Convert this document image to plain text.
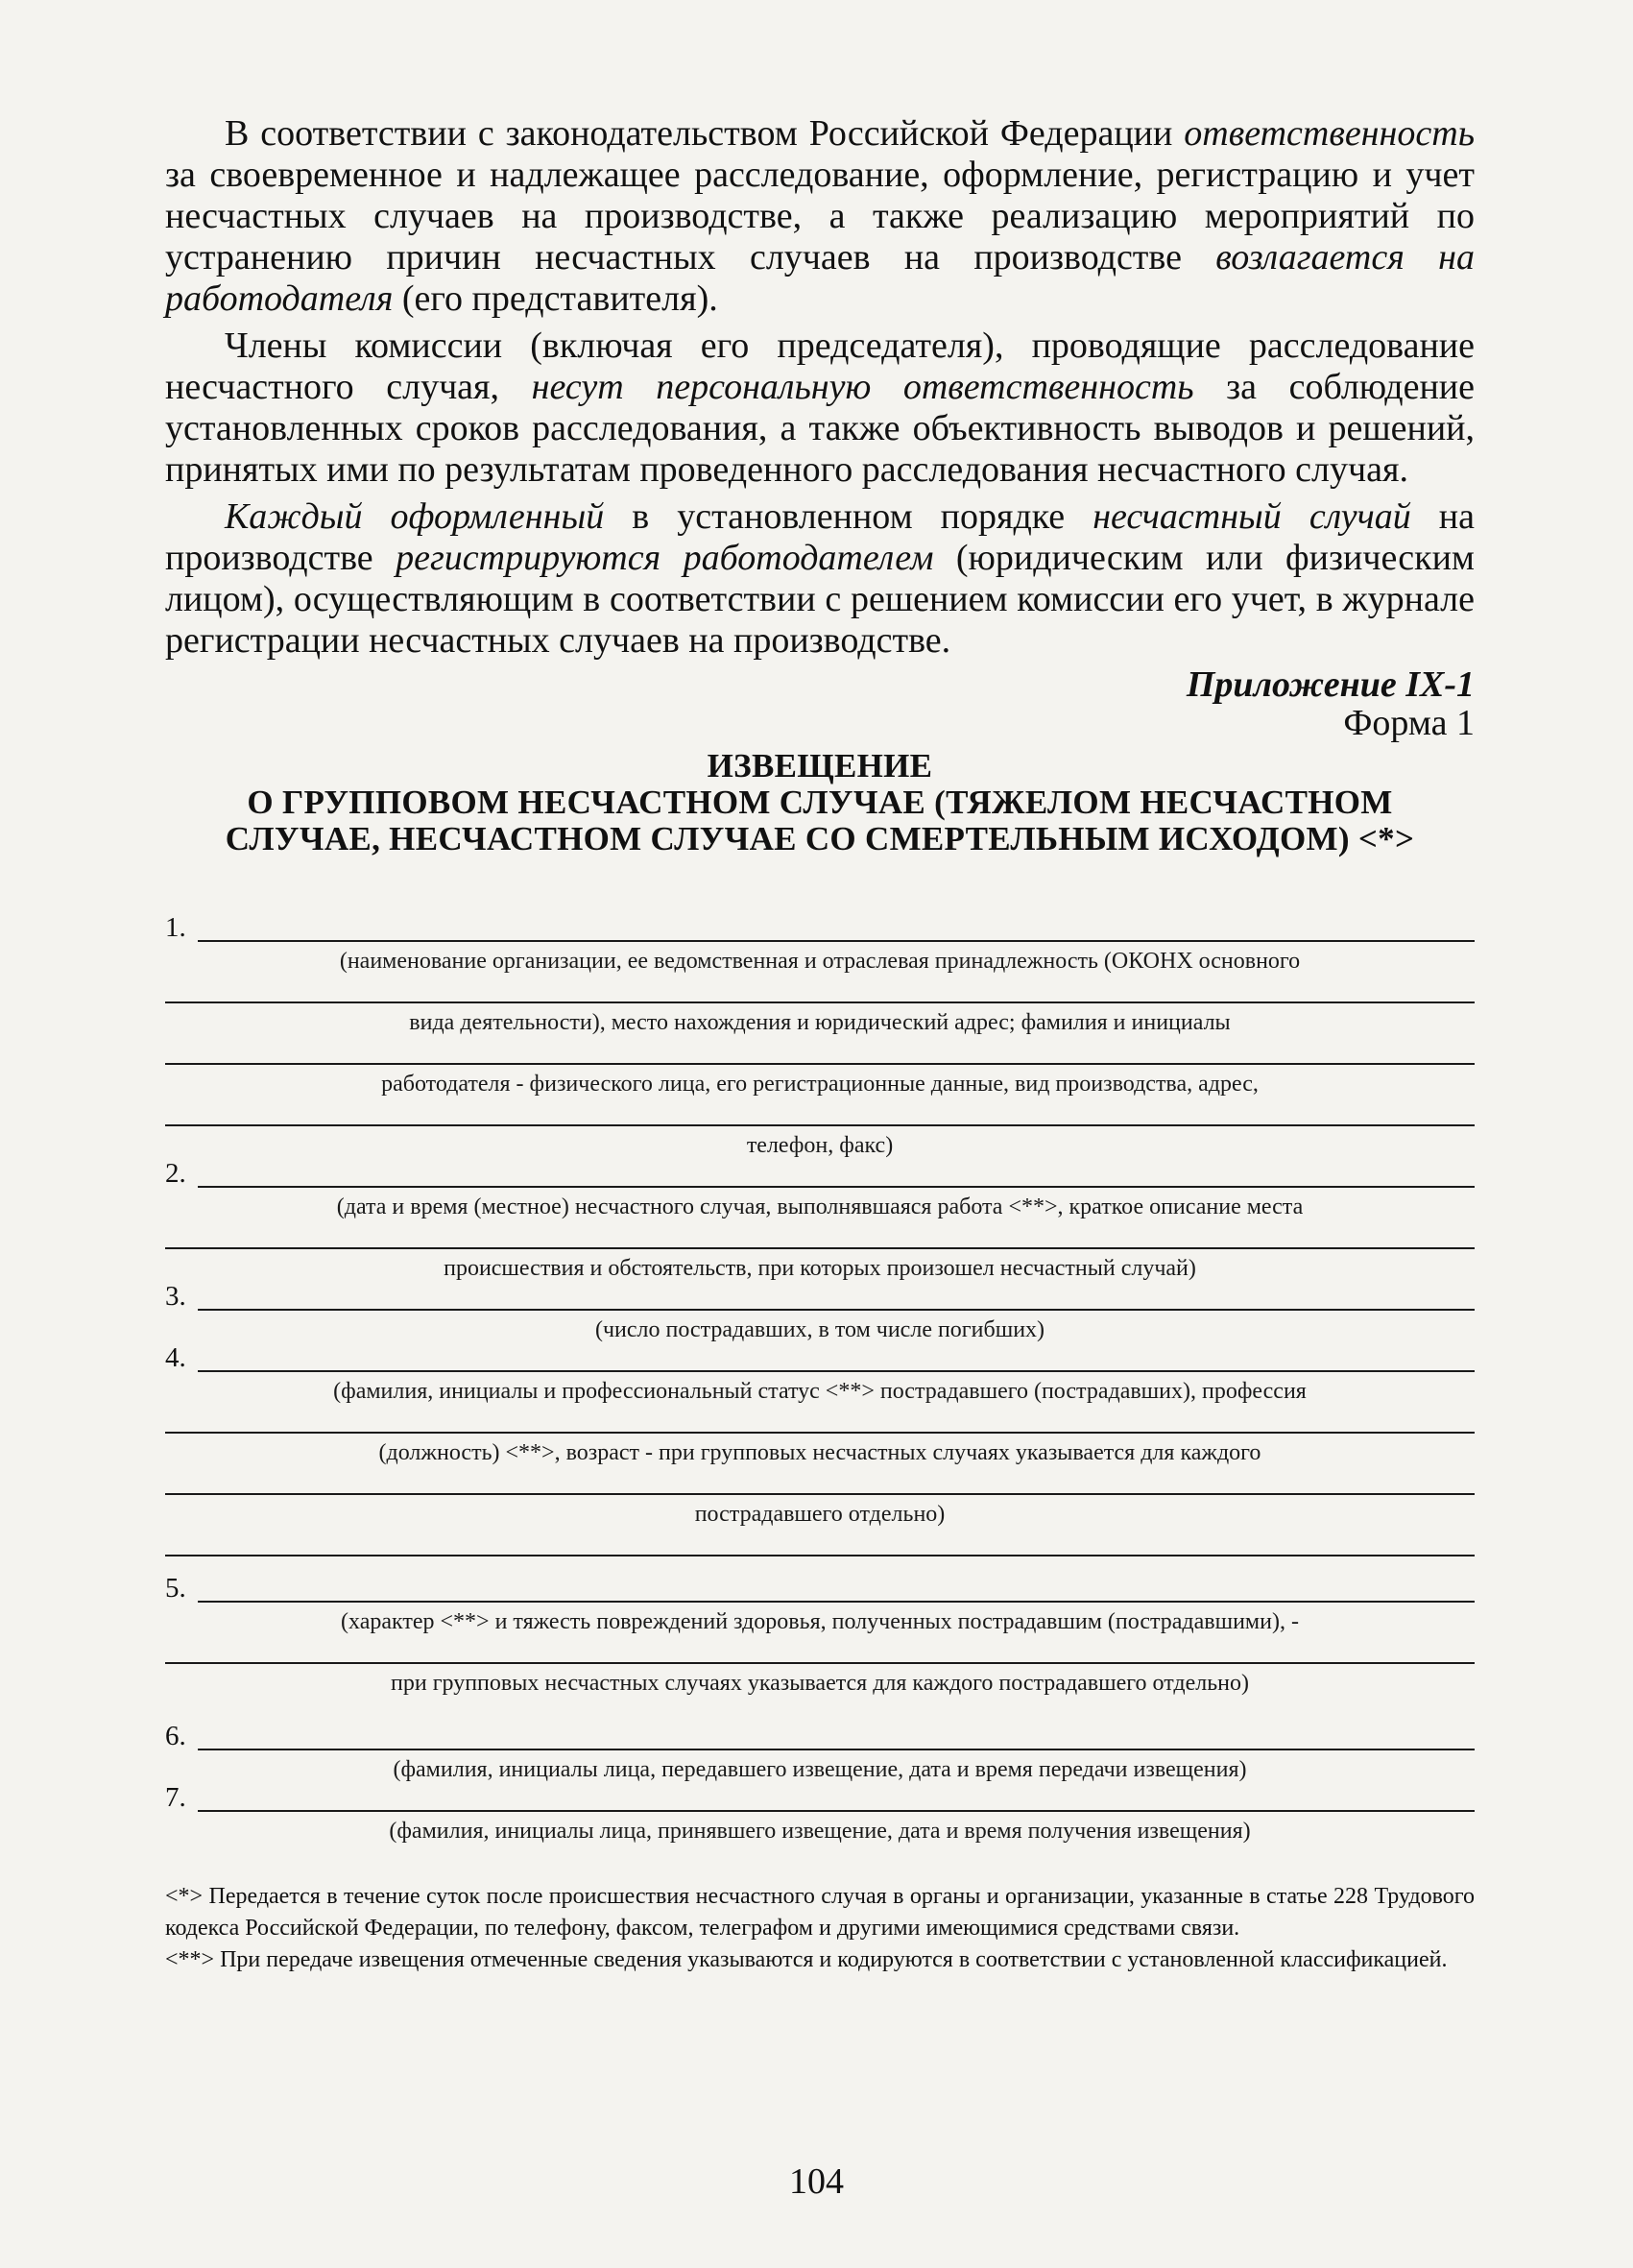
В соответствии с законодательством Российской Федерации ответственность за своевременное и надлежащее расследование, оформление, регистрацию и учет несчастных случаев на производстве, а также реализацию мероприятий по устранению причин несчастных случаев на производстве возлагается на работодателя (его представителя).

Члены комиссии (включая его председателя), проводящие расследование несчастного случая, несут персональную ответственность за соблюдение установленных сроков расследования, а также объективность выводов и решений, принятых ими по результатам проведенного расследования несчастного случая.

Каждый оформленный в установленном порядке несчастный случай на производстве регистрируются работодателем (юридическим или физическим лицом), осуществляющим в соответствии с решением комиссии его учет, в журнале регистрации несчастных случаев на производстве.

Приложение IX-1
Форма 1
ИЗВЕЩЕНИЕ
О ГРУППОВОМ НЕСЧАСТНОМ СЛУЧАЕ (ТЯЖЕЛОМ НЕСЧАСТНОМ
СЛУЧАЕ, НЕСЧАСТНОМ СЛУЧАЕ СО СМЕРТЕЛЬНЫМ ИСХОДОМ) <*>
1.
(наименование организации, ее ведомственная и отраслевая принадлежность (ОКОНХ основного
вида деятельности), место нахождения и юридический адрес; фамилия и инициалы
работодателя - физического лица, его регистрационные данные, вид производства, адрес,
телефон, факс)
2.
(дата и время (местное) несчастного случая, выполнявшаяся работа <**>, краткое описание места
происшествия и обстоятельств, при которых произошел несчастный случай)
3.
(число пострадавших, в том числе погибших)
4.
(фамилия, инициалы и профессиональный статус <**> пострадавшего (пострадавших), профессия
(должность) <**>, возраст - при групповых несчастных случаях указывается для каждого
пострадавшего отдельно)
5.
(характер <**> и тяжесть повреждений здоровья, полученных пострадавшим (пострадавшими), -
при групповых несчастных случаях указывается для каждого пострадавшего отдельно)
6.
(фамилия, инициалы лица, передавшего извещение, дата и время передачи извещения)
7.
(фамилия, инициалы лица, принявшего извещение, дата и время получения извещения)

<*> Передается в течение суток после происшествия несчастного случая в органы и организации, указанные в статье 228 Трудового кодекса Российской Федерации, по телефону, факсом, телеграфом и другими имеющимися средствами связи.

<**> При передаче извещения отмеченные сведения указываются и кодируются в соответствии с установленной классификацией.

104
